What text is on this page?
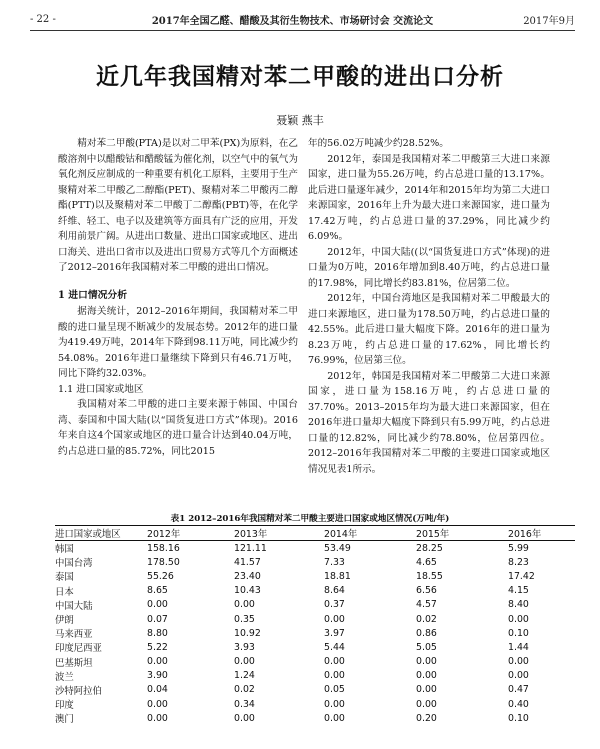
- 22 -	2017年全国乙醛、醋酸及其衍生物技术、市场研讨会 交流论文	2017年9月
近几年我国精对苯二甲酸的进出口分析
聂颖 燕丰

精对苯二甲酸(PTA)是以对二甲苯(PX)为原料，在乙酸溶剂中以醋酸钴和醋酸锰为催化剂，以空气中的氧气为氧化剂反应制成的一种重要有机化工原料，主要用于生产聚精对苯二甲酸乙二醇酯(PET)、聚精对苯二甲酸丙二醇酯(PTT)以及聚精对苯二甲酸丁二醇酯(PBT)等，在化学纤维、轻工、电子以及建筑等方面具有广泛的应用，开发利用前景广阔。从进出口数量、进出口国家或地区、进出口海关、进出口省市以及进出口贸易方式等几个方面概述了2012–2016年我国精对苯二甲酸的进出口情况。

1 进口情况分析

据海关统计，2012–2016年期间，我国精对苯二甲酸的进口量呈现不断减少的发展态势。2012年的进口量为419.49万吨，2014年下降到98.11万吨，同比减少约54.08%。2016年进口量继续下降到只有46.71万吨，同比下降约32.03%。

1.1 进口国家或地区

我国精对苯二甲酸的进口主要来源于韩国、中国台湾、泰国和中国大陆(以“国货复进口方式”体现)。2016年来自这4个国家或地区的进口量合计达到40.04万吨，约占总进口量的85.72%，同比2015

年的56.02万吨减少约28.52%。

2012年，泰国是我国精对苯二甲酸第三大进口来源国家，进口量为55.26万吨，约占总进口量的13.17%。此后进口量逐年减少，2014年和2015年均为第二大进口来源国家，2016年上升为最大进口来源国家，进口量为17.42万吨，约占总进口量的37.29%，同比减少约6.09%。

2012年，中国大陆((以“国货复进口方式”体现)的进口量为0万吨，2016年增加到8.40万吨，约占总进口量的17.98%，同比增长约83.81%，位居第二位。

2012年，中国台湾地区是我国精对苯二甲酸最大的进口来源地区，进口量为178.50万吨，约占总进口量的42.55%。此后进口量大幅度下降。2016年的进口量为8.23万吨，约占总进口量的17.62%，同比增长约76.99%，位居第三位。

2012年，韩国是我国精对苯二甲酸第二大进口来源国家，进口量为158.16万吨，约占总进口量的37.70%。2013–2015年均为最大进口来源国家，但在2016年进口量却大幅度下降到只有5.99万吨，约占总进口量的12.82%，同比减少约78.80%，位居第四位。2012–2016年我国精对苯二甲酸的主要进口国家或地区情况见表1所示。

表1 2012–2016年我国精对苯二甲酸主要进口国家或地区情况(万吨/年)
进口国家或地区	2012年	2013年	2014年	2015年	2016年
韩国	158.16	121.11	53.49	28.25	5.99
中国台湾	178.50	41.57	7.33	4.65	8.23
泰国	55.26	23.40	18.81	18.55	17.42
日本	8.65	10.43	8.64	6.56	4.15
中国大陆	0.00	0.00	0.37	4.57	8.40
伊朗	0.07	0.35	0.00	0.02	0.00
马来西亚	8.80	10.92	3.97	0.86	0.10
印度尼西亚	5.22	3.93	5.44	5.05	1.44
巴基斯坦	0.00	0.00	0.00	0.00	0.00
波兰	3.90	1.24	0.00	0.00	0.00
沙特阿拉伯	0.04	0.02	0.05	0.00	0.47
印度	0.00	0.34	0.00	0.00	0.40
澳门	0.00	0.00	0.00	0.20	0.10
